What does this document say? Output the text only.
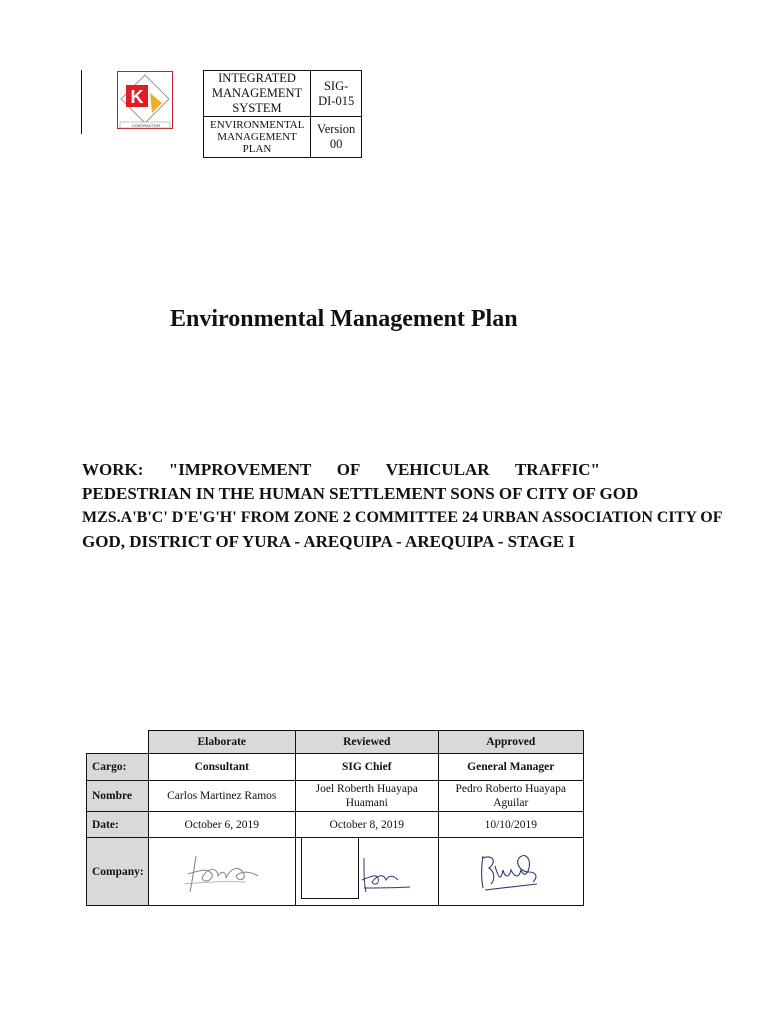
K
CONTRACTOR
INTEGRATED MANAGEMENT SYSTEM	SIG-DI-015
ENVIRONMENTAL MANAGEMENT PLAN	Version 00
Environmental Management Plan
WORK: "IMPROVEMENT OF VEHICULAR TRAFFIC"
PEDESTRIAN IN THE HUMAN SETTLEMENT SONS OF CITY OF GOD
MZS.A'B'C' D'E'G'H' FROM ZONE 2 COMMITTEE 24 URBAN ASSOCIATION CITY OF
GOD, DISTRICT OF YURA - AREQUIPA - AREQUIPA - STAGE I
	Elaborate	Reviewed	Approved
Cargo:	Consultant	SIG Chief	General Manager
Nombre	Carlos Martinez Ramos	Joel Roberth Huayapa Huamani	Pedro Roberto Huayapa Aguilar
Date:	October 6, 2019	October 8, 2019	10/10/2019
Company:	
